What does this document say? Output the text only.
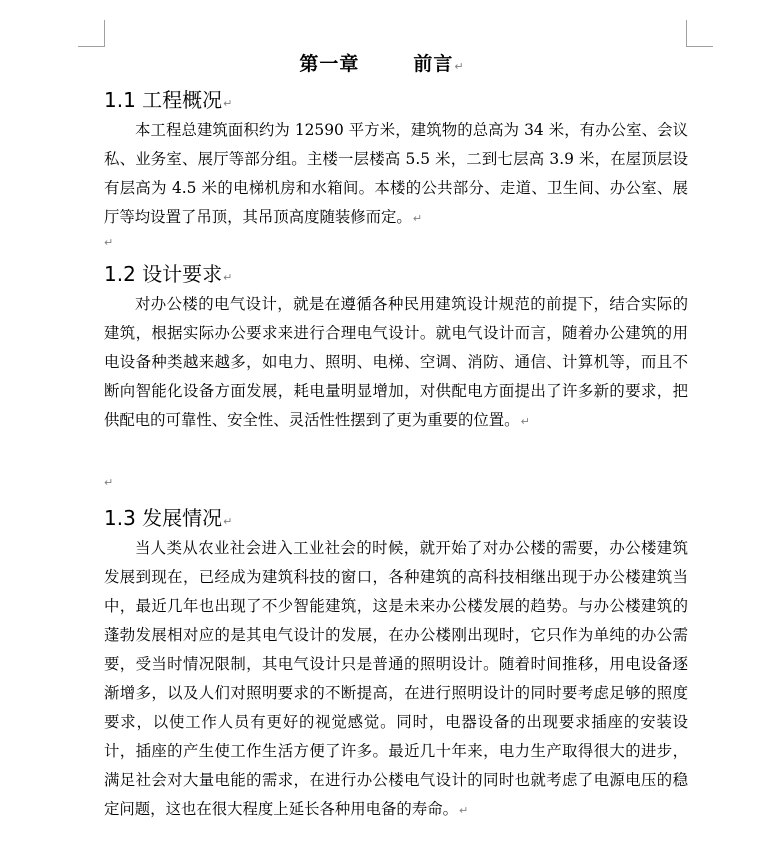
第一章	前言↵
1.1 工程概况↵
本工程总建筑面积约为 12590 平方米，建筑物的总高为 34 米，有办公室、会议私、业务室、展厅等部分组。主楼一层楼高 5.5 米，二到七层高 3.9 米，在屋顶层设有层高为 4.5 米的电梯机房和水箱间。本楼的公共部分、走道、卫生间、办公室、展厅等均设置了吊顶，其吊顶高度随装修而定。↵
↵
1.2 设计要求↵
对办公楼的电气设计，就是在遵循各种民用建筑设计规范的前提下，结合实际的建筑，根据实际办公要求来进行合理电气设计。就电气设计而言，随着办公建筑的用电设备种类越来越多，如电力、照明、电梯、空调、消防、通信、计算机等，而且不断向智能化设备方面发展，耗电量明显增加，对供配电方面提出了许多新的要求，把供配电的可靠性、安全性、灵活性性摆到了更为重要的位置。↵
↵
1.3 发展情况↵
当人类从农业社会进入工业社会的时候，就开始了对办公楼的需要，办公楼建筑发展到现在，已经成为建筑科技的窗口，各种建筑的高科技相继出现于办公楼建筑当中，最近几年也出现了不少智能建筑，这是未来办公楼发展的趋势。与办公楼建筑的蓬勃发展相对应的是其电气设计的发展，在办公楼刚出现时，它只作为单纯的办公需要，受当时情况限制，其电气设计只是普通的照明设计。随着时间推移，用电设备逐渐增多，以及人们对照明要求的不断提高，在进行照明设计的同时要考虑足够的照度要求，以使工作人员有更好的视觉感觉。同时，电器设备的出现要求插座的安装设计，插座的产生使工作生活方便了许多。最近几十年来，电力生产取得很大的进步，满足社会对大量电能的需求，在进行办公楼电气设计的同时也就考虑了电源电压的稳定问题，这也在很大程度上延长各种用电备的寿命。↵
